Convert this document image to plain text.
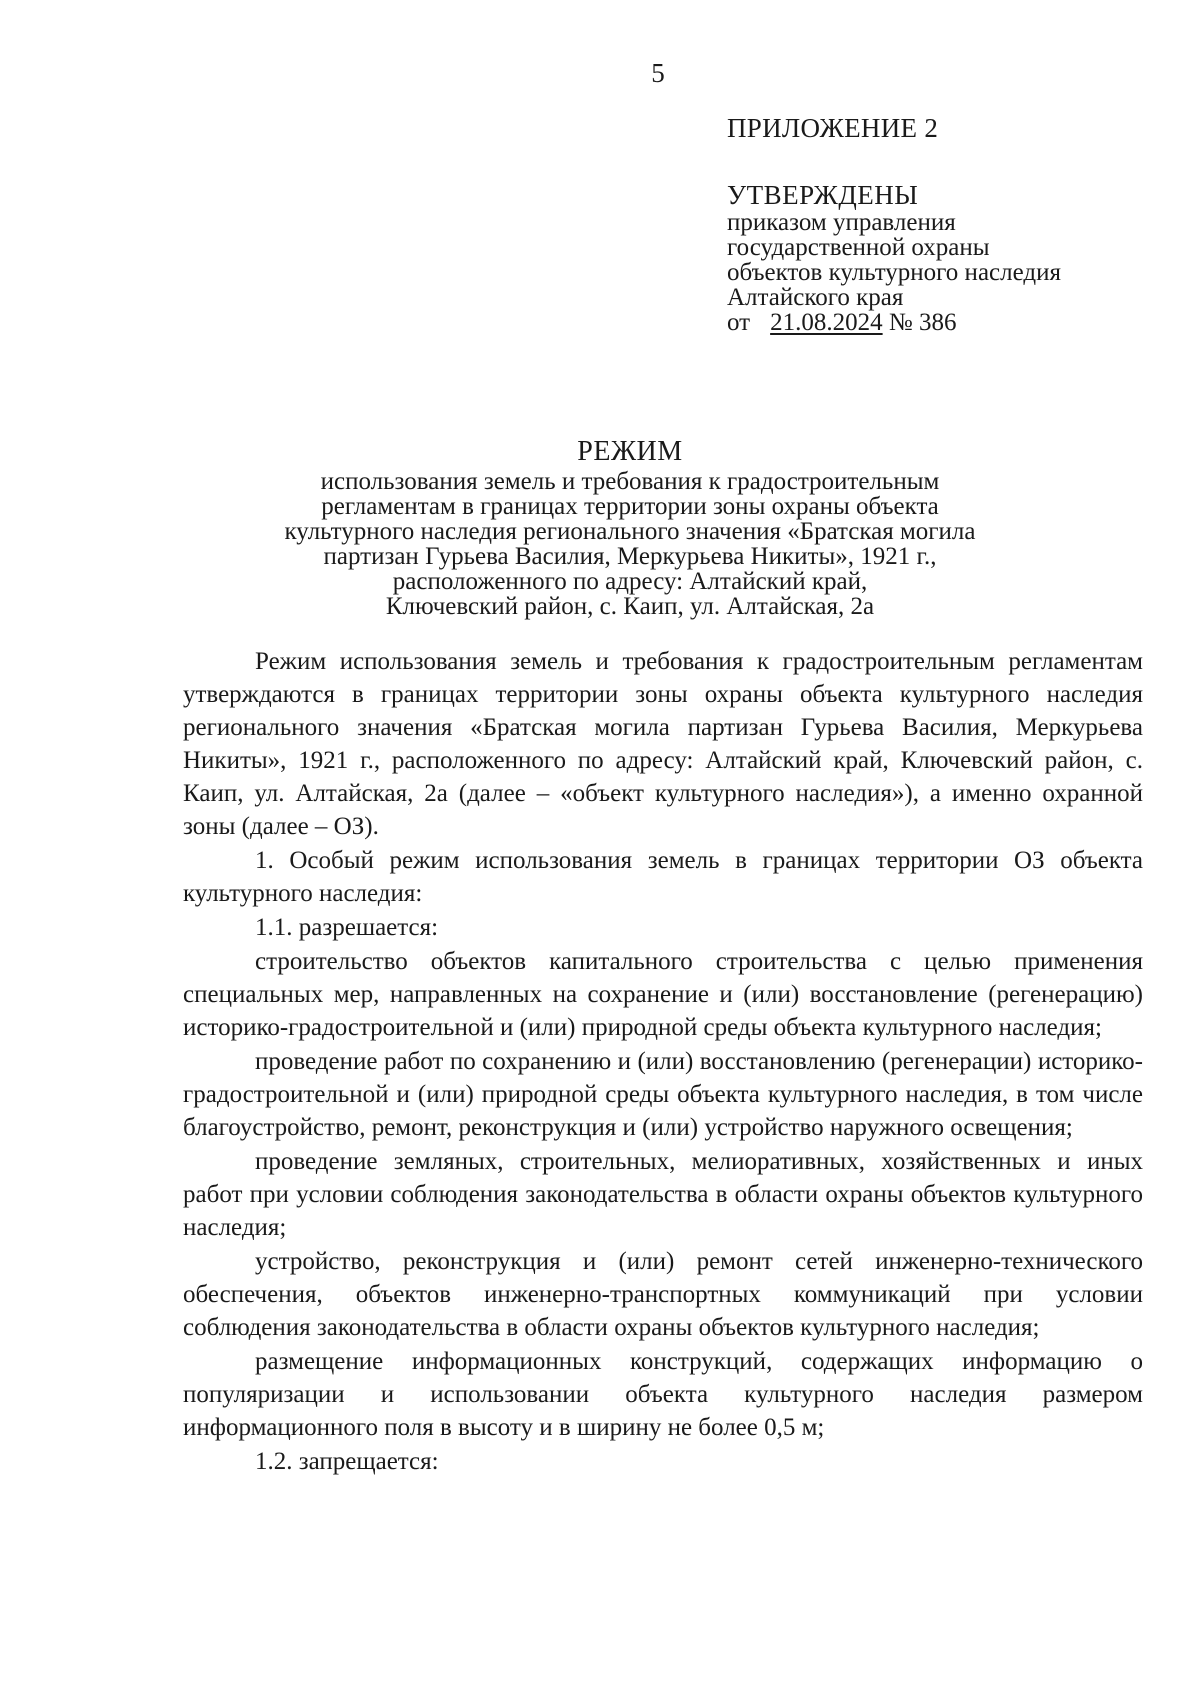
5
ПРИЛОЖЕНИЕ 2
УТВЕРЖДЕНЫ
приказом управления
государственной охраны
объектов культурного наследия
Алтайского края
от 21.08.2024 № 386
РЕЖИМ
использования земель и требования к градостроительным
регламентам в границах территории зоны охраны объекта
культурного наследия регионального значения «Братская могила
партизан Гурьева Василия, Меркурьева Никиты», 1921 г.,
расположенного по адресу: Алтайский край,
Ключевский район, с. Каип, ул. Алтайская, 2а

Режим использования земель и требования к градостроительным регламентам утверждаются в границах территории зоны охраны объекта культурного наследия регионального значения «Братская могила партизан Гурьева Василия, Меркурьева Никиты», 1921 г., расположенного по адресу: Алтайский край, Ключевский район, с. Каип, ул. Алтайская, 2а (далее – «объект культурного наследия»), а именно охранной зоны (далее – ОЗ).

1. Особый режим использования земель в границах территории ОЗ объекта культурного наследия:

1.1. разрешается:

строительство объектов капитального строительства с целью применения специальных мер, направленных на сохранение и (или) восстановление (регенерацию) историко-градостроительной и (или) природной среды объекта культурного наследия;

проведение работ по сохранению и (или) восстановлению (регенерации) историко-градостроительной и (или) природной среды объекта культурного наследия, в том числе благоустройство, ремонт, реконструкция и (или) устройство наружного освещения;

проведение земляных, строительных, мелиоративных, хозяйственных и иных работ при условии соблюдения законодательства в области охраны объектов культурного наследия;

устройство, реконструкция и (или) ремонт сетей инженерно-технического обеспечения, объектов инженерно-транспортных коммуникаций при условии соблюдения законодательства в области охраны объектов культурного наследия;

размещение информационных конструкций, содержащих информацию о популяризации и использовании объекта культурного наследия размером информационного поля в высоту и в ширину не более 0,5 м;

1.2. запрещается:
